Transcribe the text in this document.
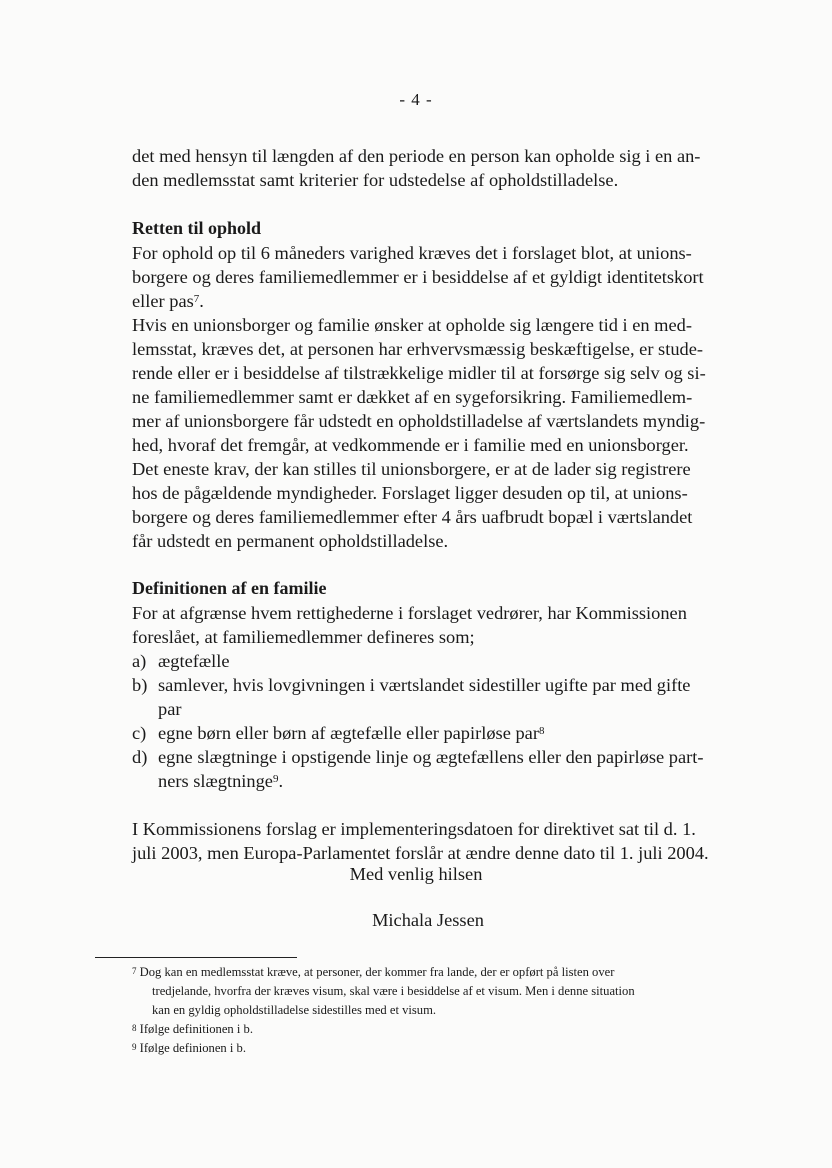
- 4 -
det med hensyn til længden af den periode en person kan opholde sig i en an-
den medlemsstat samt kriterier for udstedelse af opholdstilladelse.
Retten til ophold
For ophold op til 6 måneders varighed kræves det i forslaget blot, at unions-
borgere og deres familiemedlemmer er i besiddelse af et gyldigt identitetskort
eller pas$^7$.
Hvis en unionsborger og familie ønsker at opholde sig længere tid i en med-
lemsstat, kræves det, at personen har erhvervsmæssig beskæftigelse, er stude-
rende eller er i besiddelse af tilstrækkelige midler til at forsørge sig selv og si-
ne familiemedlemmer samt er dækket af en sygeforsikring. Familiemedlem-
mer af unionsborgere får udstedt en opholdstilladelse af værtslandets myndig-
hed, hvoraf det fremgår, at vedkommende er i familie med en unionsborger.
Det eneste krav, der kan stilles til unionsborgere, er at de lader sig registrere
hos de pågældende myndigheder. Forslaget ligger desuden op til, at unions-
borgere og deres familiemedlemmer efter 4 års uafbrudt bopæl i værtslandet
får udstedt en permanent opholdstilladelse.
Definitionen af en familie
For at afgrænse hvem rettighederne i forslaget vedrører, har Kommissionen
foreslået, at familiemedlemmer defineres som;
a) ægtefælle
b) samlever, hvis lovgivningen i værtslandet sidestiller ugifte par med gifte
par
c) egne børn eller børn af ægtefælle eller papirløse par$^8$
d) egne slægtninge i opstigende linje og ægtefællens eller den papirløse part-
ners slægtninge$^9$.
I Kommissionens forslag er implementeringsdatoen for direktivet sat til d. 1.
juli 2003, men Europa-Parlamentet forslår at ændre denne dato til 1. juli 2004.
Med venlig hilsen
Michala Jessen
$^7$ Dog kan en medlemsstat kræve, at personer, der kommer fra lande, der er opført på listen over
tredjelande, hvorfra der kræves visum, skal være i besiddelse af et visum. Men i denne situation
kan en gyldig opholdstilladelse sidestilles med et visum.
$^8$ Ifølge definitionen i b.
$^9$ Ifølge definionen i b.
